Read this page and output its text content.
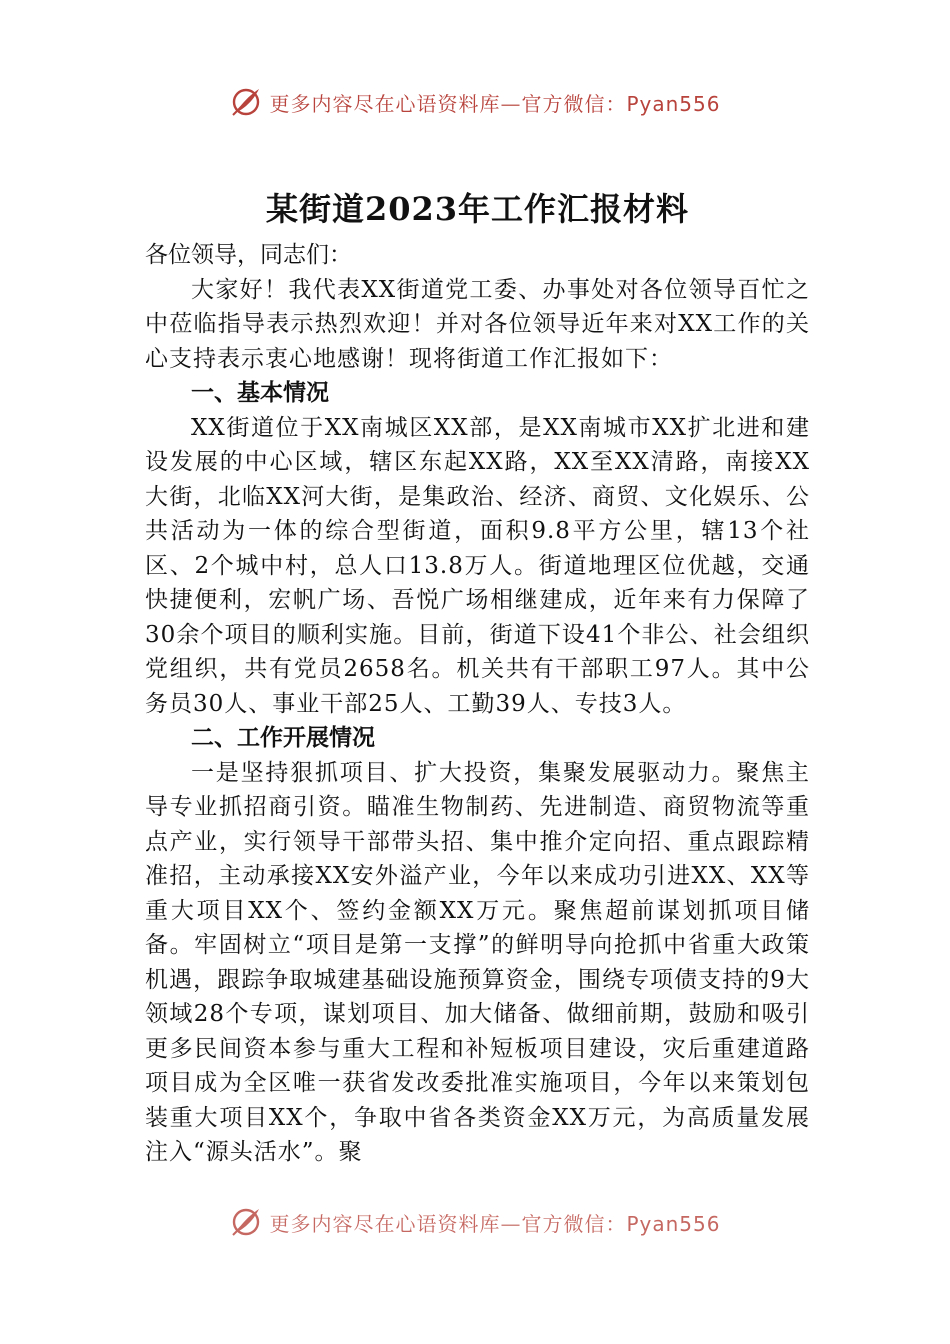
更多内容尽在心语资料库—官方微信：Pyan556
某街道2023年工作汇报材料

各位领导，同志们：

大家好！我代表XX街道党工委、办事处对各位领导百忙之中莅临指导表示热烈欢迎！并对各位领导近年来对XX工作的关心支持表示衷心地感谢！现将街道工作汇报如下：

一、基本情况

XX街道位于XX南城区XX部，是XX南城市XX扩北进和建设发展的中心区域，辖区东起XX路，XX至XX清路，南接XX大街，北临XX河大街，是集政治、经济、商贸、文化娱乐、公共活动为一体的综合型街道，面积9.8平方公里，辖13个社区、2个城中村，总人口13.8万人。街道地理区位优越，交通快捷便利，宏帆广场、吾悦广场相继建成，近年来有力保障了30余个项目的顺利实施。目前，街道下设41个非公、社会组织党组织，共有党员2658名。机关共有干部职工97人。其中公务员30人、事业干部25人、工勤39人、专技3人。

二、工作开展情况

一是坚持狠抓项目、扩大投资，集聚发展驱动力。聚焦主导专业抓招商引资。瞄准生物制药、先进制造、商贸物流等重点产业，实行领导干部带头招、集中推介定向招、重点跟踪精准招，主动承接XX安外溢产业，今年以来成功引进XX、XX等重大项目XX个、签约金额XX万元。聚焦超前谋划抓项目储备。牢固树立“项目是第一支撑”的鲜明导向抢抓中省重大政策机遇，跟踪争取城建基础设施预算资金，围绕专项债支持的9大领域28个专项，谋划项目、加大储备、做细前期，鼓励和吸引更多民间资本参与重大工程和补短板项目建设，灾后重建道路项目成为全区唯一获省发改委批准实施项目，今年以来策划包装重大项目XX个，争取中省各类资金XX万元，为高质量发展注入“源头活水”。聚

更多内容尽在心语资料库—官方微信：Pyan556
